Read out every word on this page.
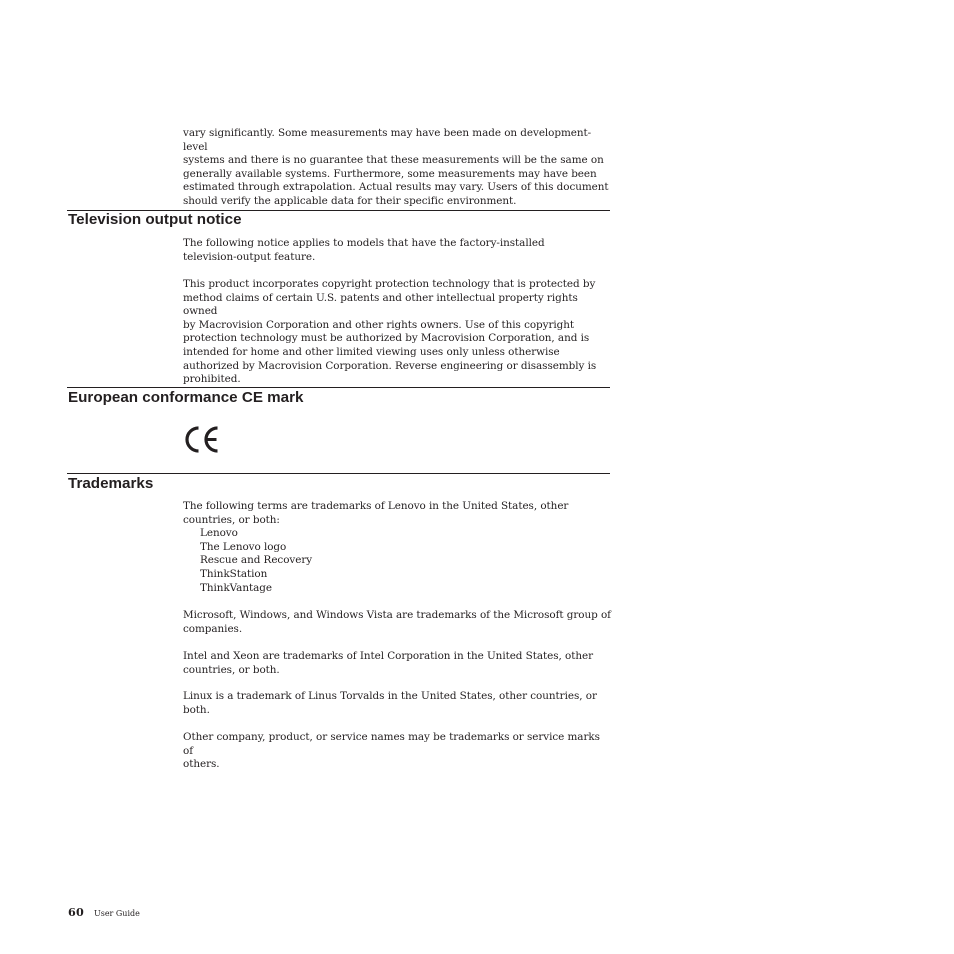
vary significantly. Some measurements may have been made on development-level
systems and there is no guarantee that these measurements will be the same on
generally available systems. Furthermore, some measurements may have been
estimated through extrapolation. Actual results may vary. Users of this document
should verify the applicable data for their specific environment.

Television output notice

The following notice applies to models that have the factory-installed
television-output feature.

This product incorporates copyright protection technology that is protected by
method claims of certain U.S. patents and other intellectual property rights owned
by Macrovision Corporation and other rights owners. Use of this copyright
protection technology must be authorized by Macrovision Corporation, and is
intended for home and other limited viewing uses only unless otherwise
authorized by Macrovision Corporation. Reverse engineering or disassembly is
prohibited.

European conformance CE mark
Trademarks

The following terms are trademarks of Lenovo in the United States, other
countries, or both:

Lenovo
The Lenovo logo
Rescue and Recovery
ThinkStation
ThinkVantage

Microsoft, Windows, and Windows Vista are trademarks of the Microsoft group of
companies.

Intel and Xeon are trademarks of Intel Corporation in the United States, other
countries, or both.

Linux is a trademark of Linus Torvalds in the United States, other countries, or
both.

Other company, product, or service names may be trademarks or service marks of
others.

60 User Guide
